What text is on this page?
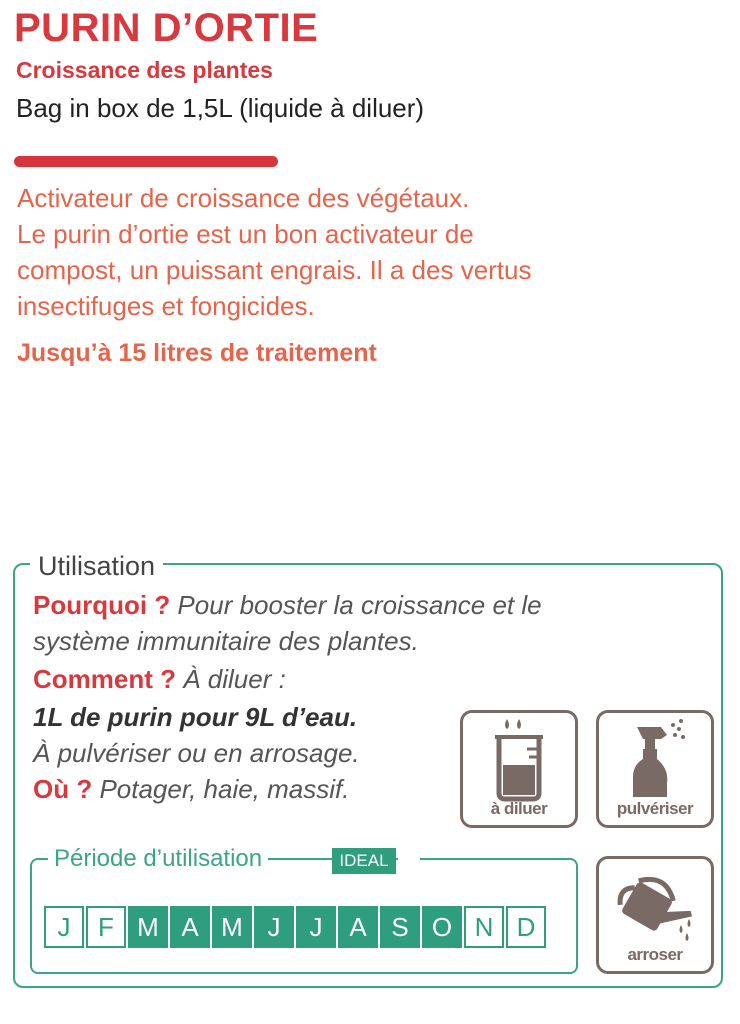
PURIN D’ORTIE
Croissance des plantes
Bag in box de 1,5L (liquide à diluer)
Activateur de croissance des végétaux.
Le purin d’ortie est un bon activateur de
compost, un puissant engrais. Il a des vertus
insectifuges et fongicides.
Jusqu’à 15 litres de traitement
Utilisation
Pourquoi ? Pour booster la croissance et le
système immunitaire des plantes.
Comment ? À diluer :
1L de purin pour 9L d’eau.
À pulvériser ou en arrosage.
Où ? Potager, haie, massif.
à diluer	pulvériser
arroser
Période d’utilisation	IDEAL
J	F M A M J	J	A S O N D
